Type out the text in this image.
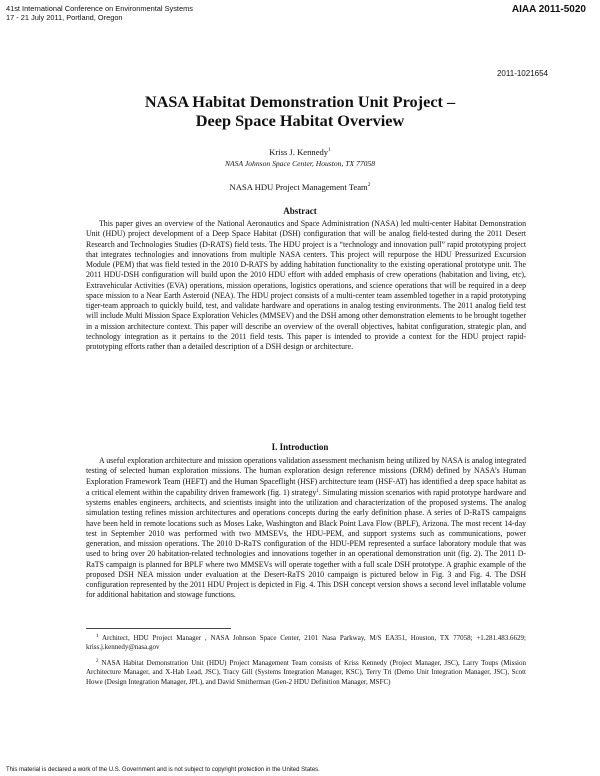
41st International Conference on Environmental Systems
17 - 21 July 2011, Portland, Oregon
AIAA 2011-5020
2011-1021654
NASA Habitat Demonstration Unit Project –
Deep Space Habitat Overview
Kriss J. Kennedy$^1$
NASA Johnson Space Center, Houston, TX 77058
NASA HDU Project Management Team$^2$
Abstract
This paper gives an overview of the National Aeronautics and Space Administration (NASA) led multi-center Habitat Demonstration Unit (HDU) project development of a Deep Space Habitat (DSH) configuration that will be analog field-tested during the 2011 Desert Research and Technologies Studies (D-RATS) field tests. The HDU project is a “technology and innovation pull” rapid prototyping project that integrates technologies and innovations from multiple NASA centers. This project will repurpose the HDU Pressurized Excursion Module (PEM) that was field tested in the 2010 D-RATS by adding habitation functionality to the existing operational prototype unit. The 2011 HDU-DSH configuration will build upon the 2010 HDU effort with added emphasis of crew operations (habitation and living, etc), Extravehicular Activities (EVA) operations, mission operations, logistics operations, and science operations that will be required in a deep space mission to a Near Earth Asteroid (NEA). The HDU project consists of a multi-center team assembled together in a rapid prototyping tiger-team approach to quickly build, test, and validate hardware and operations in analog testing environments. The 2011 analog field test will include Multi Mission Space Exploration Vehicles (MMSEV) and the DSH among other demonstration elements to be brought together in a mission architecture context. This paper will describe an overview of the overall objectives, habitat configuration, strategic plan, and technology integration as it pertains to the 2011 field tests. This paper is intended to provide a context for the HDU project rapid-prototyping efforts rather than a detailed description of a DSH design or architecture.
I. Introduction
A useful exploration architecture and mission operations validation assessment mechanism being utilized by NASA is analog integrated testing of selected human exploration missions. The human exploration design reference missions (DRM) defined by NASA’s Human Exploration Framework Team (HEFT) and the Human Spaceflight (HSF) architecture team (HSF-AT) has identified a deep space habitat as a critical element within the capability driven framework (fig. 1) strategy$^1$. Simulating mission scenarios with rapid prototype hardware and systems enables engineers, architects, and scientists insight into the utilization and characterization of the proposed systems. The analog simulation testing refines mission architectures and operations concepts during the early definition phase. A series of D-RaTS campaigns have been held in remote locations such as Moses Lake, Washington and Black Point Lava Flow (BPLF), Arizona. The most recent 14-day test in September 2010 was performed with two MMSEVs, the HDU-PEM, and support systems such as communications, power generation, and mission operations. The 2010 D-RaTS configuration of the HDU-PEM represented a surface laboratory module that was used to bring over 20 habitation-related technologies and innovations together in an operational demonstration unit (fig. 2). The 2011 D-RaTS campaign is planned for BPLF where two MMSEVs will operate together with a full scale DSH prototype. A graphic example of the proposed DSH NEA mission under evaluation at the Desert-RaTS 2010 campaign is pictured below in Fig. 3 and Fig. 4. The DSH configuration represented by the 2011 HDU Project is depicted in Fig. 4. This DSH concept version shows a second level inflatable volume for additional habitation and stowage functions.
$^1$ Architect, HDU Project Manager , NASA Johnson Space Center, 2101 Nasa Parkway, M/S EA351, Houston, TX 77058; +1.281.483.6629; kriss.j.kennedy@nasa.gov
$^2$ NASA Habitat Demonstration Unit (HDU) Project Management Team consists of Kriss Kennedy (Project Manager, JSC), Larry Toups (Mission Architecture Manager, and X-Hab Lead, JSC), Tracy Gill (Systems Integration Manager, KSC), Terry Tri (Demo Unit Integration Manager, JSC), Scott Howe (Design Integration Manager, JPL), and David Smitherman (Gen-2 HDU Definition Manager, MSFC)
This material is declared a work of the U.S. Government and is not subject to copyright protection in the United States.
